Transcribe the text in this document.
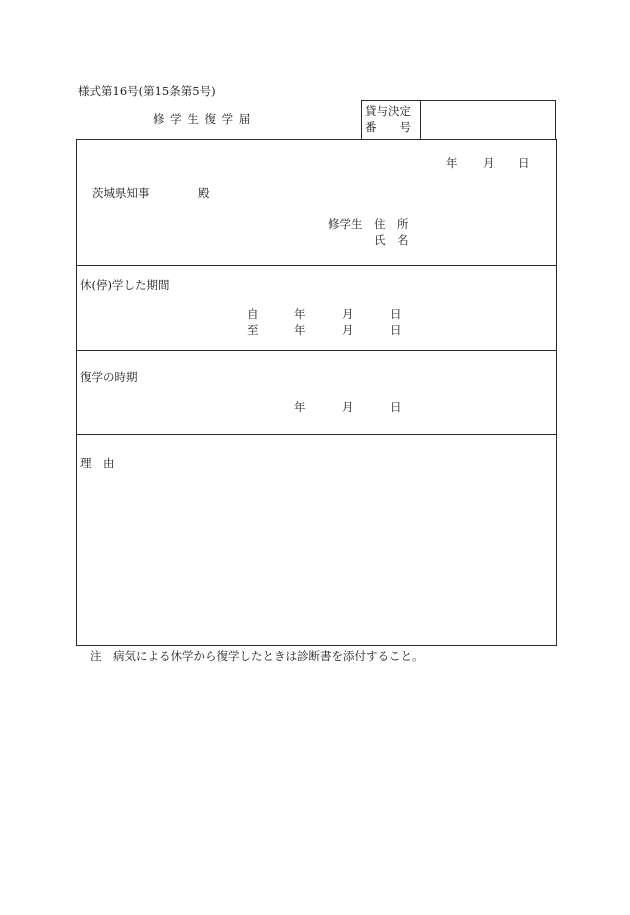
様式第16号(第15条第5号)
修 学 生 復 学 届
貸与決定
番　　号
年 月 日
茨城県知事	殿
修学生 住　所
氏　名
休(停)学した期間
自	年	月	日
至	年	月	日
復学の時期
年	月	日
理　由
注　病気による休学から復学したときは診断書を添付すること。
